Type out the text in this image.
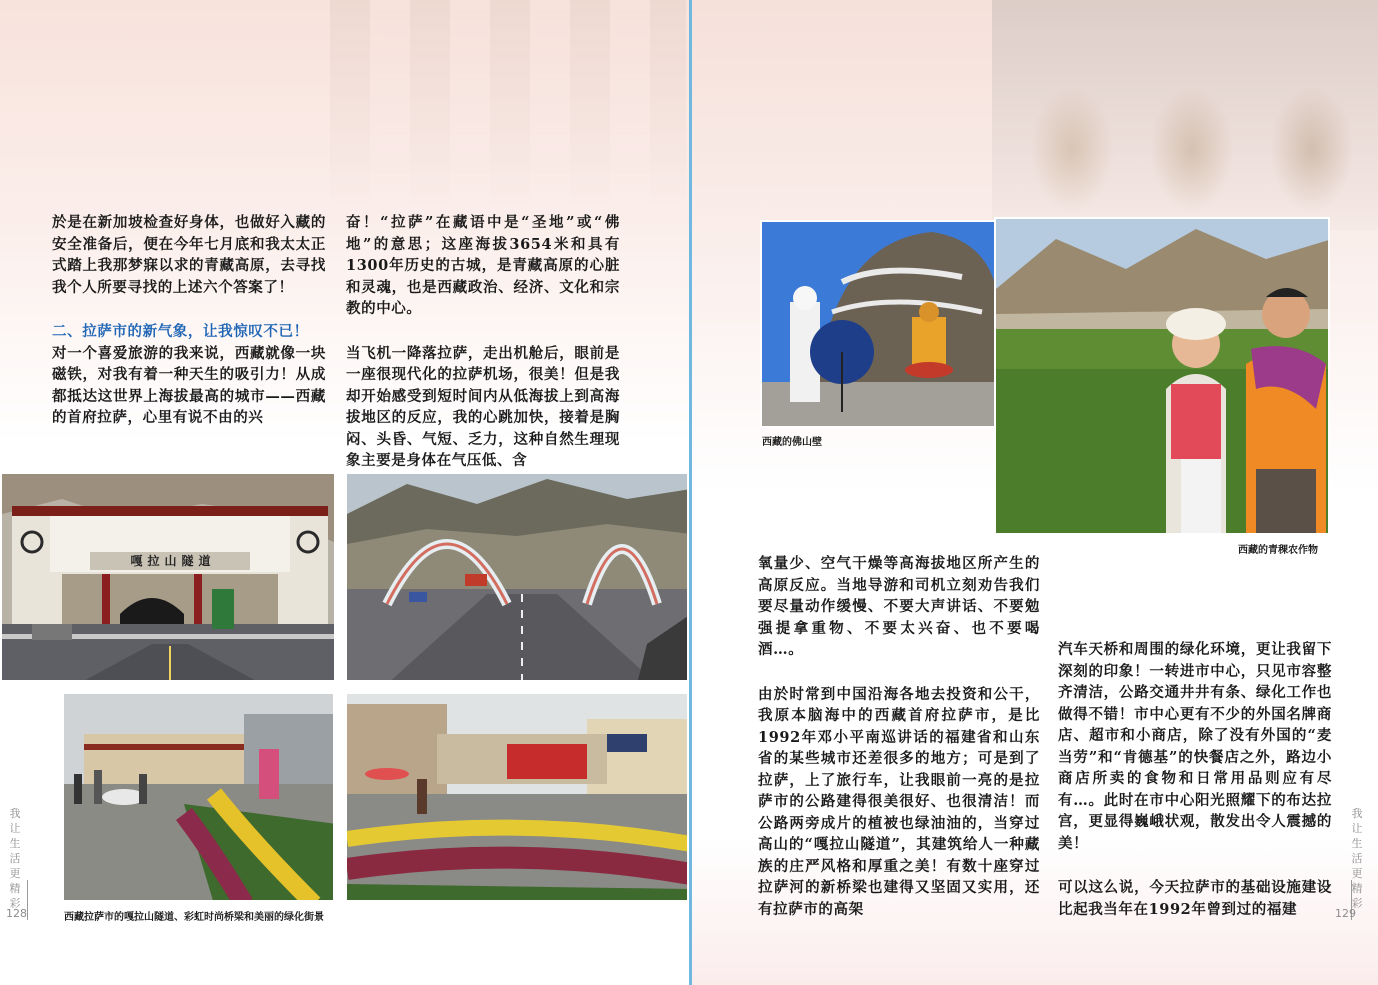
於是在新加坡检查好身体，也做好入藏的安全准备后，便在今年七月底和我太太正式踏上我那梦寐以求的青藏高原，去寻找我个人所要寻找的上述六个答案了！
二、拉萨市的新气象，让我惊叹不已！
对一个喜爱旅游的我来说，西藏就像一块磁铁，对我有着一种天生的吸引力！从成都抵达这世界上海拔最高的城市——西藏的首府拉萨，心里有说不由的兴
奋！“拉萨”在藏语中是“圣地”或“佛地”的意思；这座海拔3654米和具有1300年历史的古城，是青藏高原的心脏和灵魂，也是西藏政治、经济、文化和宗教的中心。
当飞机一降落拉萨，走出机舱后，眼前是一座很现代化的拉萨机场，很美！但是我却开始感受到短时间内从低海拔上到高海拔地区的反应，我的心跳加快，接着是胸闷、头昏、气短、乏力，这种自然生理现象主要是身体在气压低、含
嘎拉山隧道
西藏拉萨市的嘎拉山隧道、彩虹时尚桥梁和美丽的绿化街景
我让生活更精彩
128
西藏的佛山壁
西藏的青稞农作物
氧量少、空气干燥等高海拔地区所产生的高原反应。当地导游和司机立刻劝告我们要尽量动作缓慢、不要大声讲话、不要勉强提拿重物、不要太兴奋、也不要喝酒…。
由於时常到中国沿海各地去投资和公干，我原本脑海中的西藏首府拉萨市，是比1992年邓小平南巡讲话的福建省和山东省的某些城市还差很多的地方；可是到了拉萨，上了旅行车，让我眼前一亮的是拉萨市的公路建得很美很好、也很清洁！而公路两旁成片的植被也绿油油的，当穿过高山的“嘎拉山隧道”，其建筑给人一种藏族的庄严风格和厚重之美！有数十座穿过拉萨河的新桥梁也建得又坚固又实用，还有拉萨市的高架
汽车天桥和周围的绿化环境，更让我留下深刻的印象！一转进市中心，只见市容整齐清洁，公路交通井井有条、绿化工作也做得不错！市中心更有不少的外国名牌商店、超市和小商店，除了没有外国的“麦当劳”和“肯德基”的快餐店之外，路边小商店所卖的食物和日常用品则应有尽有…。此时在市中心阳光照耀下的布达拉宫，更显得巍峨状观，散发出令人震撼的美！
可以这么说，今天拉萨市的基础设施建设比起我当年在1992年曾到过的福建
我让生活更精彩
129
